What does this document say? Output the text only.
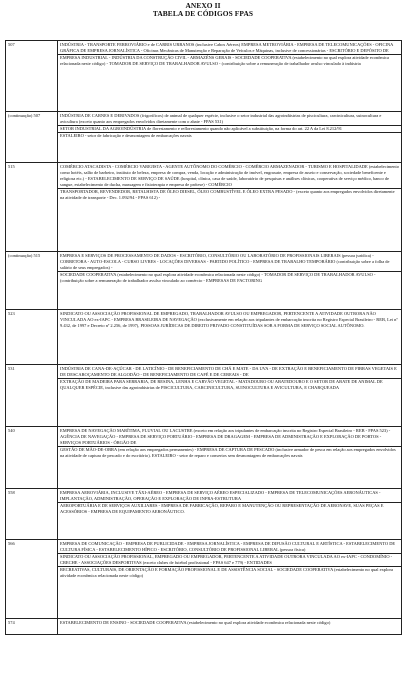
ANEXO II
TABELA DE CÓDIGOS FPAS
507	INDÚSTRIA - TRANSPORTE FERROVIÁRIO e de CARRIS URBANOS (inclusive Cabos Aéreos) EMPRESA METROVIÁRIA - EMPRESA DE TELECOMUNICAÇÕES - OFICINA GRÁFICA DE EMPRESA JORNALÍSTICA - Oficinas Mecânicas de Manutenção e Reparação de Veículos e Máquinas, inclusive de concessionárias - ESCRITÓRIO E DEPÓSITO DE
EMPRESA INDUSTRIAL - INDÚSTRIA DA CONSTRUÇÃO CIVIL - ARMAZÉNS GERAIS - SOCIEDADE COOPERATIVA (estabelecimento no qual explora atividade econômica relacionada neste código) - TOMADOR DE SERVIÇO DE TRABALHADOR AVULSO - (contribuição sobre a remuneração de trabalhador avulso vinculado à indústria

(continuação) 507	INDÚSTRIA DE CARNES E DERIVADOS (frigoríficos) de animal de qualquer espécie, inclusive o setor industrial das agroindústrias de piscicultura, carcinicultura, suinocultura e avicultura (exceto quanto aos empregados envolvidos diretamente com o abate - FPAS 531)
SETOR INDUSTRIAL DA AGROINDÚSTRIA de florestamento e reflorestamento quando não aplicável a substituição, na forma do art. 22 A da Lei 8.212/91
ESTALEIRO - setor de fabricação e desmontagem de embarcações navais

515	COMÉRCIO ATACADISTA - COMÉRCIO VAREJISTA - AGENTE AUTÔNOMO DO COMÉRCIO - COMÉRCIO ARMAZENADOR - TURISMO E HOSPITALIDADE (estabelecimento como hotéis, salão de barbeiro, instituto de beleza, empresa de compra, venda, locação e administração de imóvel, engraxate, empresa de asseio e conservação, sociedade beneficente e religiosa etc.) - ESTABELECIMENTO DE SERVIÇO DE SAÚDE (hospital, clínica, casa de saúde, laboratório de pesquisas e análises clínicas, cooperativa de serviço médico, banco de sangue, estabelecimento de ducha, massagem e fisioterapia e empresa de prótese) - COMÉRCIO
TRANSPORTADOR, REVENDEDOR, RETALHISTA DE ÓLEO DIESEL, ÓLEO COMBUSTÍVEL E ÓLEO EXTRA PESADO - (exceto quanto aos empregados envolvidos diretamente na atividade de transporte - Dec. 1.092/94 - FPAS 612) -

(continuação) 515	EMPRESA E SERVIÇOS DE PROCESSAMENTO DE DADOS - ESCRITÓRIO, CONSULTÓRIO OU LABORATÓRIO DE PROFISSIONAIS LIBERAIS (pessoa jurídica) - CORRETORA - AUTO-ESCOLA - CURSO LIVRES - LOCAÇÕES DIVERSAS - PARTIDO POLÍTICO - EMPRESA DE TRABALHO TEMPORÁRIO (contribuição sobre a folha de salário de seus empregados) -
SOCIEDADE COOPERATIVA (estabelecimento no qual explora atividade econômica relacionada neste código) - TOMADOR DE SERVIÇO DE TRABALHADOR AVULSO - (contribuição sobre a remuneração de trabalhador avulso vinculado ao comércio - EMPRESAS DE FACTORING

523	SINDICATO OU ASSOCIAÇÃO PROFISSIONAL DE EMPREGADO, TRABALHADOR AVULSO OU EMPREGADOR, PERTENCENTE A ATIVIDADE OUTRORA NÃO VINCULADA AO ex-IAPC - EMPRESA BRASILEIRA DE NAVEGAÇÃO (exclusivamente em relação aos tripulantes de embarcação inscrita no Registro Especial Brasileiro - REB, Lei nº 9.432, de 1997 e Decreto nº 2.256, de 1997), PESSOAS JURÍDICAS DE DIREITO PRIVADO CONSTITUÍDAS SOB A FORMA DE SERVIÇO SOCIAL AUTÔNOMO.

531	INDÚSTRIA DE CANA-DE-AÇÚCAR - DE LATICÍNIO - DE BENEFICIAMENTO DE CHÁ E MATE - DA UVA - DE EXTRAÇÃO E BENEFICIAMENTO DE FIBRAS VEGETAIS E DE DESCAROÇAMENTO DE ALGODÃO - DE BENEFICIAMENTO DE CAFÉ E DE CEREAIS - DE
EXTRAÇÃO DE MADEIRA PARA SERRARIA, DE RESINA, LENHA E CARVÃO VEGETAL - MATADOURO OU ABATEDOURO E O SETOR DE ABATE DE ANIMAL DE QUALQUER ESPÉCIE, inclusive das agroindústrias de PISCICULTURA, CARCINICULTURA, SUINOCULTURA E AVICULTURA, E CHARQUEADA

540	EMPRESA DE NAVEGAÇÃO MARÍTIMA, FLUVIAL OU LACUSTRE (exceto em relação aos tripulantes de embarcação inscrita no Registro Especial Brasileiro - REB - FPAS 523) - AGÊNCIA DE NAVEGAÇÃO - EMPRESA DE SERVIÇO PORTUÁRIO - EMPRESA DE DRAGAGEM - EMPRESA DE ADMINISTRAÇÃO E EXPLORAÇÃO DE PORTOS - SERVIÇOS PORTUÁRIOS - ÓRGÃO DE
GESTÃO DE MÃO-DE-OBRA (em relação aos empregados permanentes) - EMPRESA DE CAPTURA DE PESCADO (inclusive armador de pesca em relação aos empregados envolvidos na atividade de captura de pescado e do escritório). ESTALEIRO - setor de reparo e consertos sem desmontagem de embarcações navais

558	EMPRESA AEROVIÁRIA, INCLUSIVE TÁXI-AÉREO - EMPRESA DE SERVIÇO AÉREO ESPECIALIZADO - EMPRESA DE TELECOMUNICAÇÕES AERONÁUTICAS - IMPLANTAÇÃO, ADMINISTRAÇÃO, OPERAÇÃO E EXPLORAÇÃO DE INFRA-ESTRUTURA
AEROPORTUÁRIA E DE SERVIÇOS AUXILIARES - EMPRESA DE FABRICAÇÃO, REPARO E MANUTENÇÃO OU REPRESENTAÇÃO DE AERONAVE, SUAS PEÇAS E ACESSÓRIOS - EMPRESA DE EQUIPAMENTO AERONÁUTICO.

566	EMPRESA DE COMUNICAÇÃO - EMPRESA DE PUBLICIDADE - EMPRESA JORNALÍSTICA - EMPRESA DE DIFUSÃO CULTURAL E ARTÍSTICA - ESTABELECIMENTO DE CULTURA FÍSICA - ESTABELECIMENTO HÍPICO - ESCRITÓRIO, CONSULTÓRIO DE PROFISSIONAL LIBERAL (pessoa física)
SINDICATO OU ASSOCIAÇÃO PROFISSIONAL, EMPREGADO OU EMPREGADOR, PERTENCENTE A ATIVIDADE OUTRORA VINCULADA AO ex-IAPC - CONDOMÍNIO - CRECHE - ASSOCIAÇÕES DESPORTIVAS (exceto clubes de futebol profissional - FPAS 647 e 779) - ENTIDADES
RECREATIVAS, CULTURAIS, DE ORIENTAÇÃO E FORMAÇÃO PROFISSIONAL E DE ASSISTÊNCIA SOCIAL - SOCIEDADE COOPERATIVA (estabelecimento no qual explora atividade econômica relacionada neste código)

574	ESTABELECIMENTO DE ENSINO - SOCIEDADE COOPERATIVA (estabelecimento no qual explora atividade econômica relacionada neste código)
